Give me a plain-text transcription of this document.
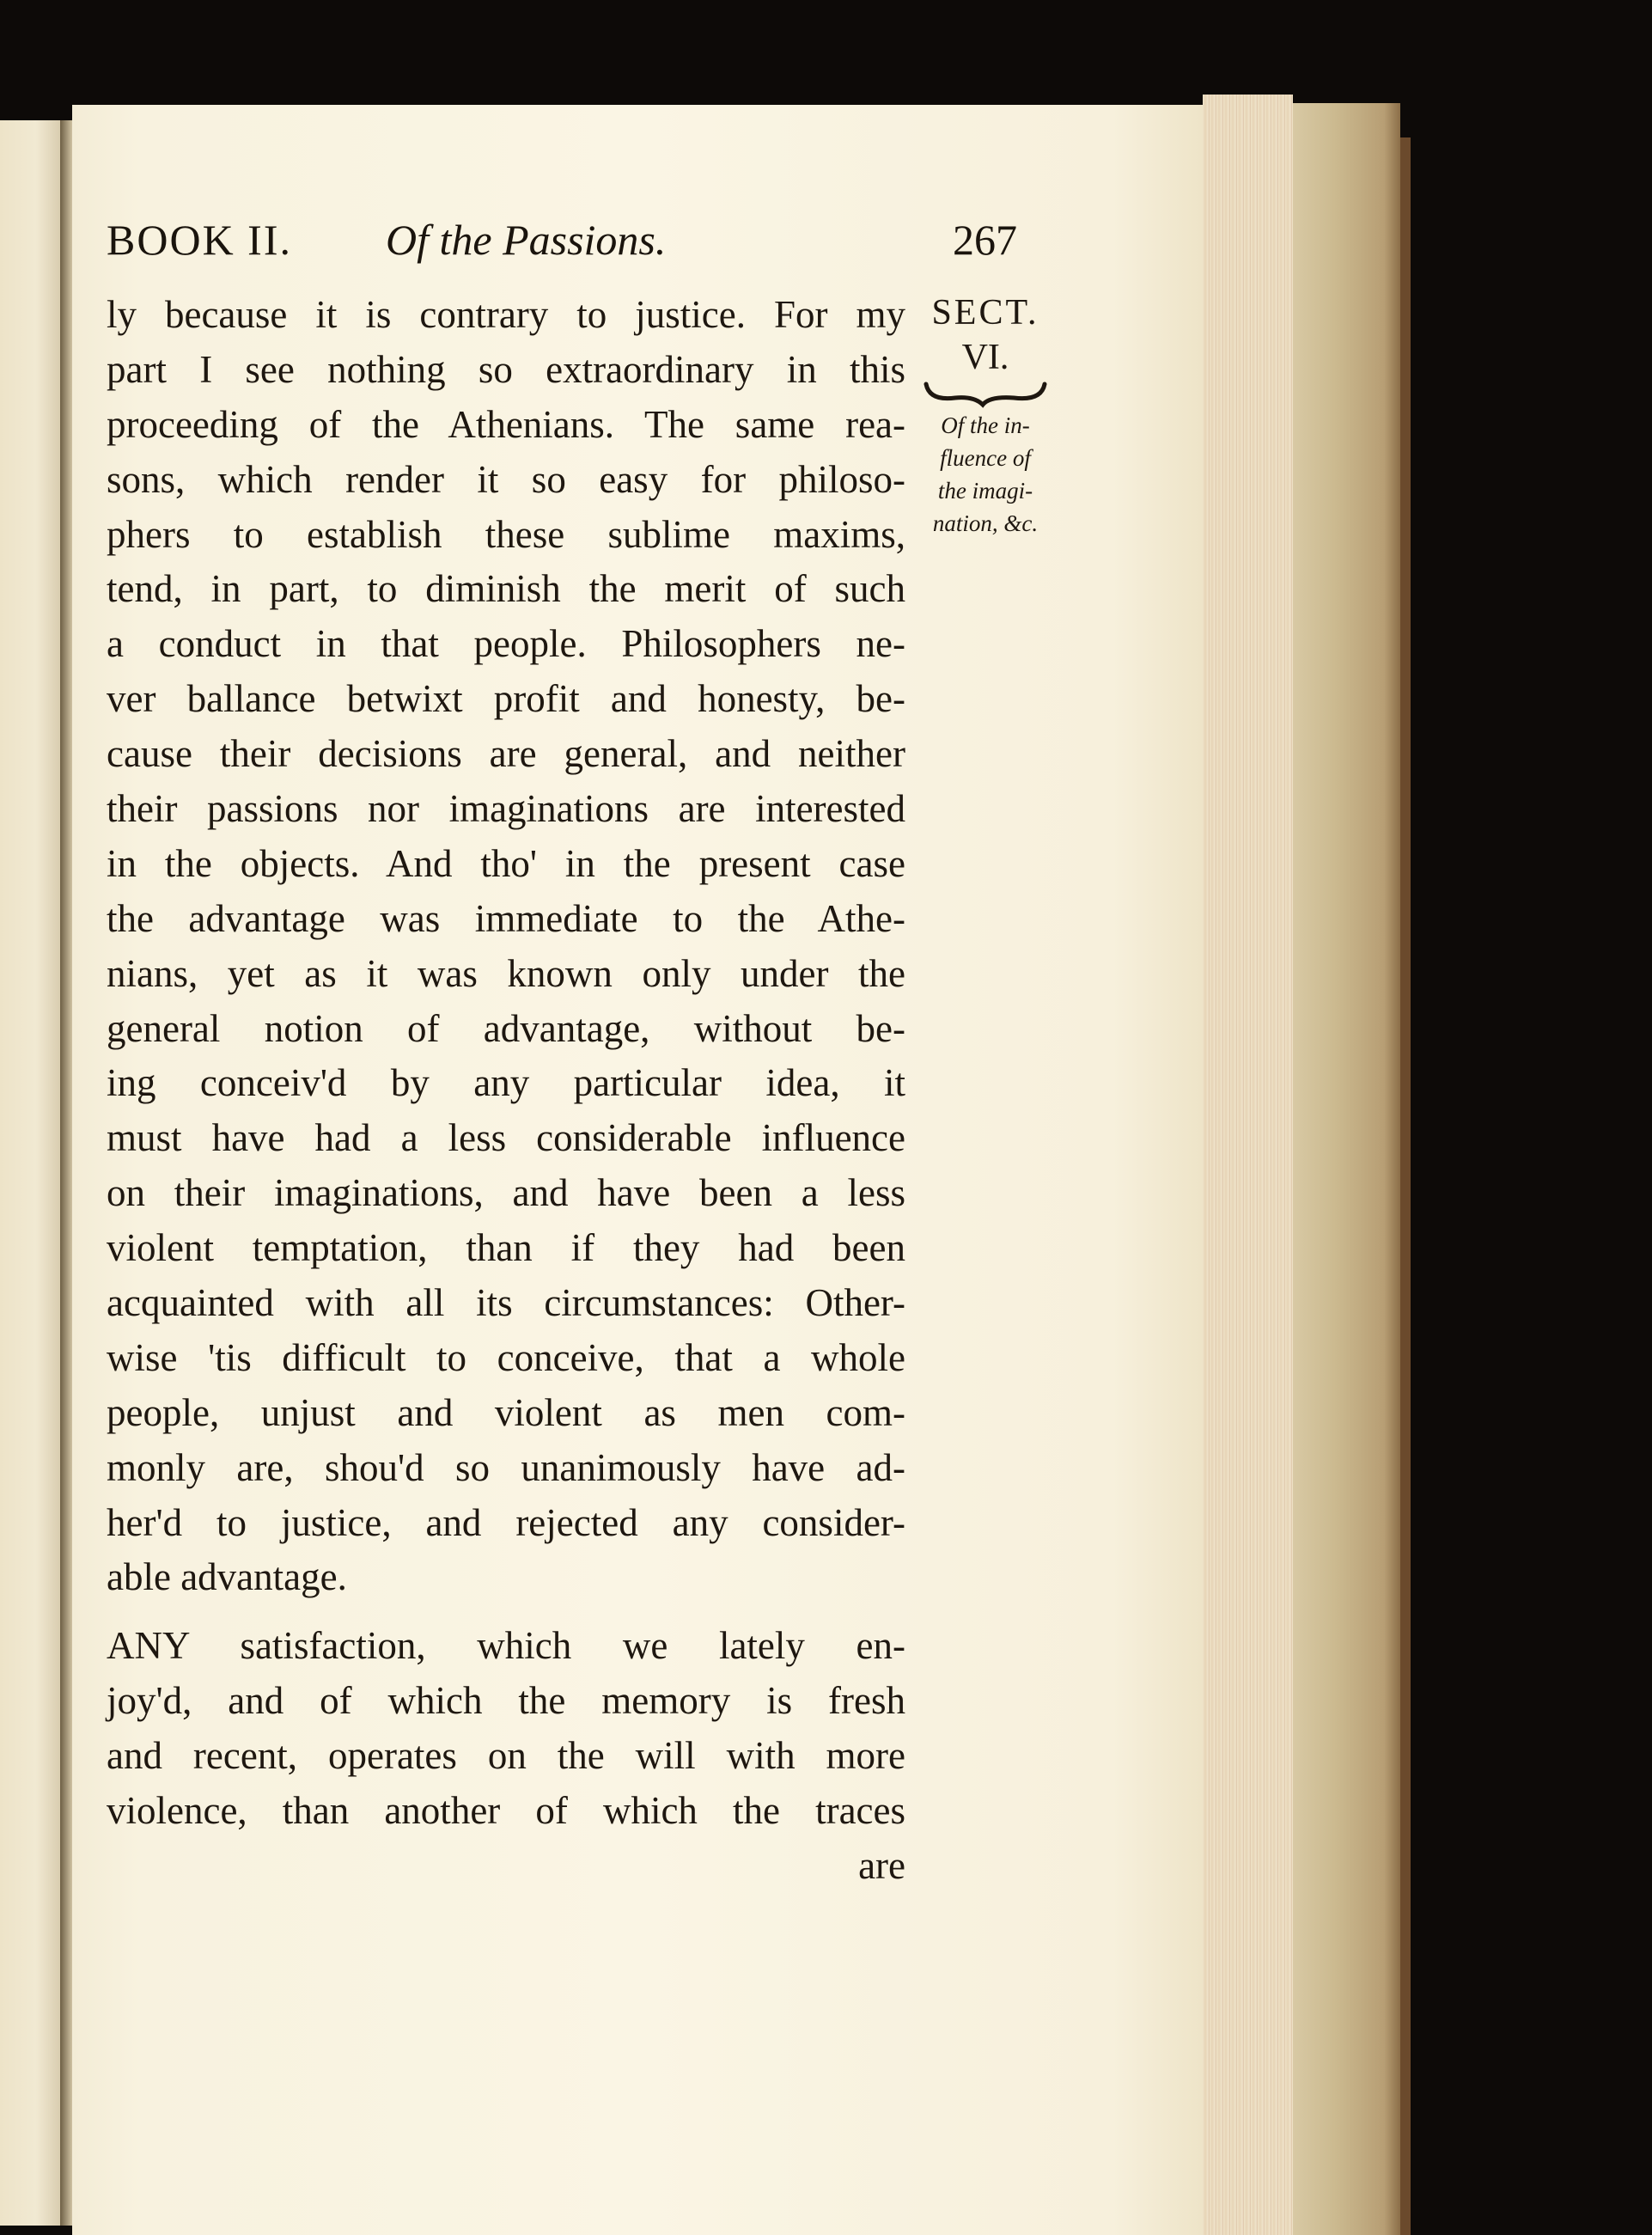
BOOK II. Of the Passions.	267
ly because it is contrary to justice. For my
part I see nothing so extraordinary in this
proceeding of the Athenians. The same rea-
sons, which render it so easy for philoso-
phers to establish these sublime maxims,
tend, in part, to diminish the merit of such
a conduct in that people. Philosophers ne-
ver ballance betwixt profit and honesty, be-
cause their decisions are general, and neither
their passions nor imaginations are interested
in the objects. And tho' in the present case
the advantage was immediate to the Athe-
nians, yet as it was known only under the
general notion of advantage, without be-
ing conceiv'd by any particular idea, it
must have had a less considerable influence
on their imaginations, and have been a less
violent temptation, than if they had been
acquainted with all its circumstances: Other-
wise 'tis difficult to conceive, that a whole
people, unjust and violent as men com-
monly are, shou'd so unanimously have ad-
her'd to justice, and rejected any consider-
able advantage.
ANY satisfaction, which we lately en-
joy'd, and of which the memory is fresh
and recent, operates on the will with more
violence, than another of which the traces
are
SECT.
VI.
Of the in-
fluence of
the imagi-
nation, &c.
